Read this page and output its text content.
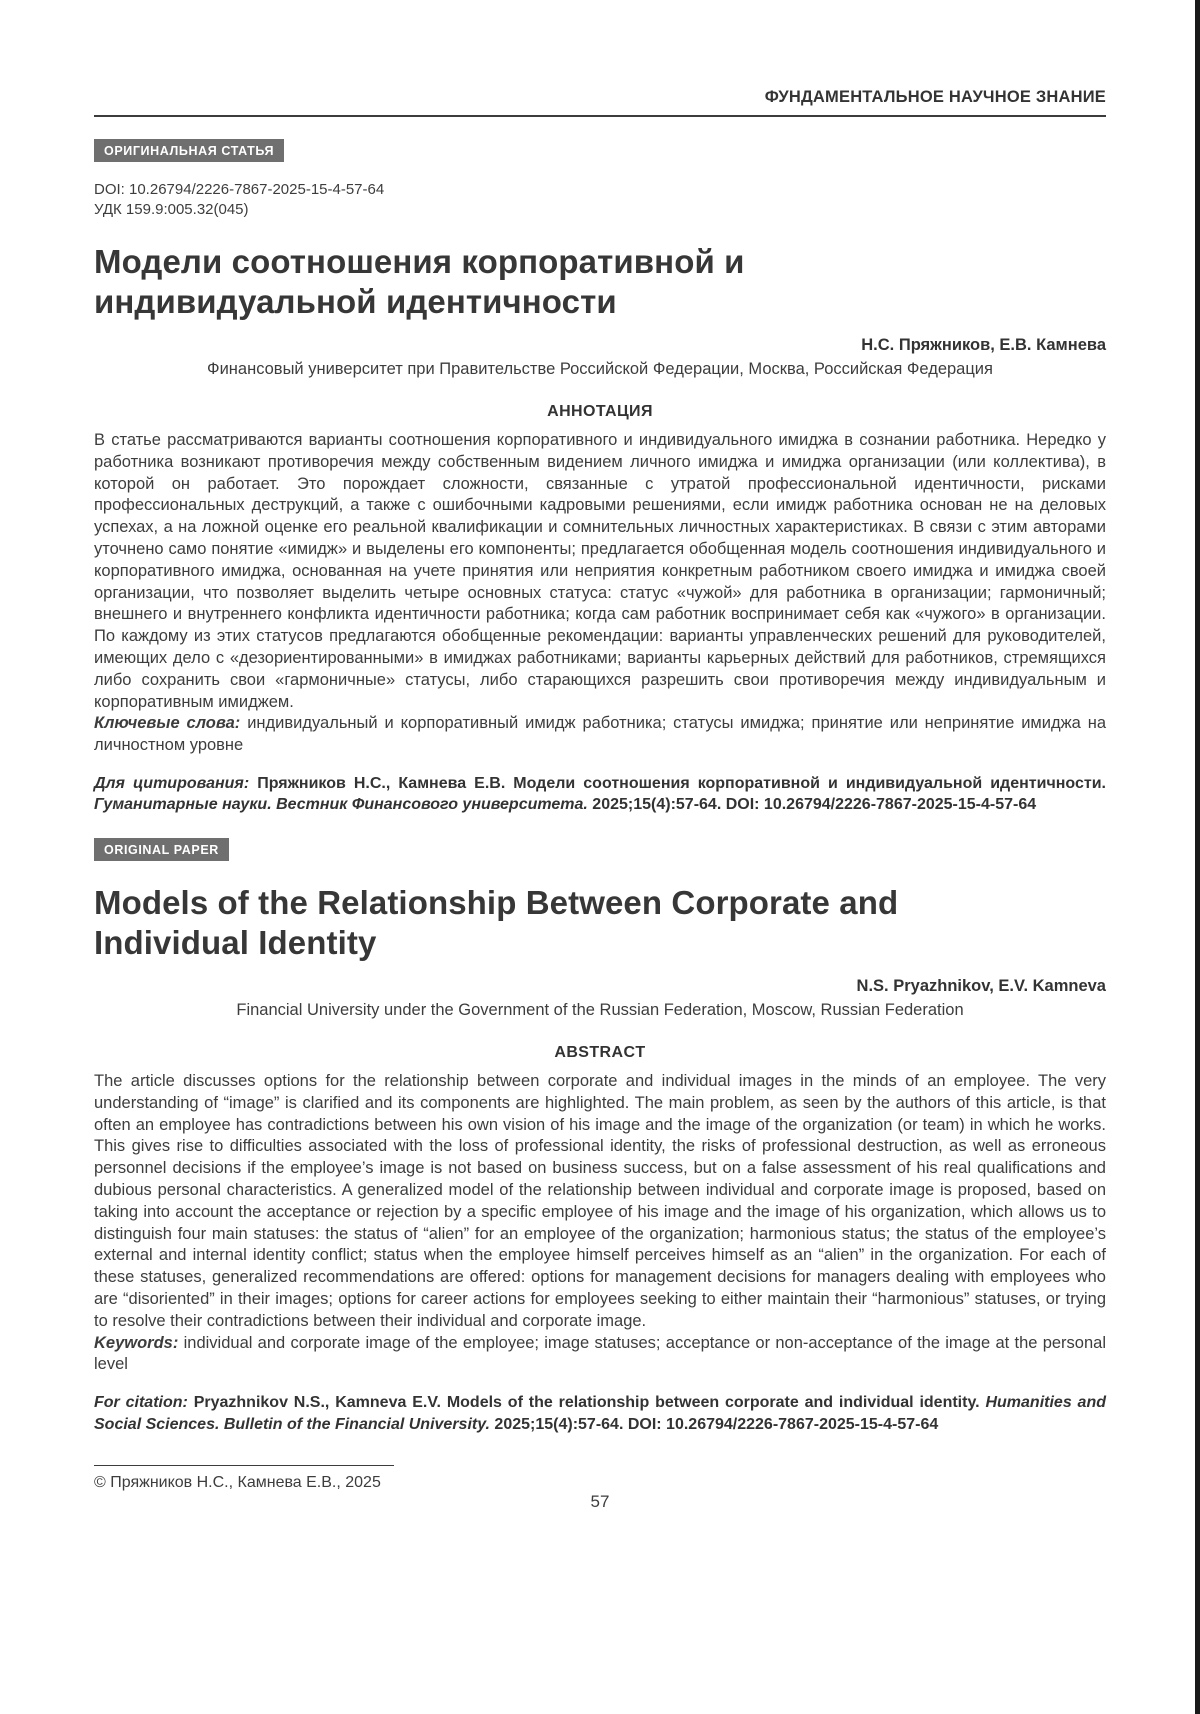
ФУНДАМЕНТАЛЬНОЕ НАУЧНОЕ ЗНАНИЕ
ОРИГИНАЛЬНАЯ СТАТЬЯ
DOI: 10.26794/2226-7867-2025-15-4-57-64
УДК 159.9:005.32(045)
Модели соотношения корпоративной и индивидуальной идентичности
Н.С. Пряжников, Е.В. Камнева
Финансовый университет при Правительстве Российской Федерации, Москва, Российская Федерация
АННОТАЦИЯ

В статье рассматриваются варианты соотношения корпоративного и индивидуального имиджа в сознании работника. Нередко у работника возникают противоречия между собственным видением личного имиджа и имиджа организации (или коллектива), в которой он работает. Это порождает сложности, связанные с утратой профессиональной идентичности, рисками профессиональных деструкций, а также с ошибочными кадровыми решениями, если имидж работника основан не на деловых успехах, а на ложной оценке его реальной квалификации и сомнительных личностных характеристиках. В связи с этим авторами уточнено само понятие «имидж» и выделены его компоненты; предлагается обобщенная модель соотношения индивидуального и корпоративного имиджа, основанная на учете принятия или неприятия конкретным работником своего имиджа и имиджа своей организации, что позволяет выделить четыре основных статуса: статус «чужой» для работника в организации; гармоничный; внешнего и внутреннего конфликта идентичности работника; когда сам работник воспринимает себя как «чужого» в организации. По каждому из этих статусов предлагаются обобщенные рекомендации: варианты управленческих решений для руководителей, имеющих дело с «дезориентированными» в имиджах работниками; варианты карьерных действий для работников, стремящихся либо сохранить свои «гармоничные» статусы, либо старающихся разрешить свои противоречия между индивидуальным и корпоративным имиджем.

Ключевые слова: индивидуальный и корпоративный имидж работника; статусы имиджа; принятие или непринятие имиджа на личностном уровне

Для цитирования: Пряжников Н.С., Камнева Е.В. Модели соотношения корпоративной и индивидуальной идентичности. Гуманитарные науки. Вестник Финансового университета. 2025;15(4):57-64. DOI: 10.26794/2226-7867-2025-15-4-57-64

ORIGINAL PAPER
Models of the Relationship Between Corporate and Individual Identity
N.S. Pryazhnikov, E.V. Kamneva
Financial University under the Government of the Russian Federation, Moscow, Russian Federation
ABSTRACT

The article discusses options for the relationship between corporate and individual images in the minds of an employee. The very understanding of “image” is clarified and its components are highlighted. The main problem, as seen by the authors of this article, is that often an employee has contradictions between his own vision of his image and the image of the organization (or team) in which he works. This gives rise to difficulties associated with the loss of professional identity, the risks of professional destruction, as well as erroneous personnel decisions if the employee’s image is not based on business success, but on a false assessment of his real qualifications and dubious personal characteristics. A generalized model of the relationship between individual and corporate image is proposed, based on taking into account the acceptance or rejection by a specific employee of his image and the image of his organization, which allows us to distinguish four main statuses: the status of “alien” for an employee of the organization; harmonious status; the status of the employee’s external and internal identity conflict; status when the employee himself perceives himself as an “alien” in the organization. For each of these statuses, generalized recommendations are offered: options for management decisions for managers dealing with employees who are “disoriented” in their images; options for career actions for employees seeking to either maintain their “harmonious” statuses, or trying to resolve their contradictions between their individual and corporate image.

Keywords: individual and corporate image of the employee; image statuses; acceptance or non-acceptance of the image at the personal level

For citation: Pryazhnikov N.S., Kamneva E.V. Models of the relationship between corporate and individual identity. Humanities and Social Sciences. Bulletin of the Financial University. 2025;15(4):57-64. DOI: 10.26794/2226-7867-2025-15-4-57-64

© Пряжников Н.С., Камнева Е.В., 2025
57
